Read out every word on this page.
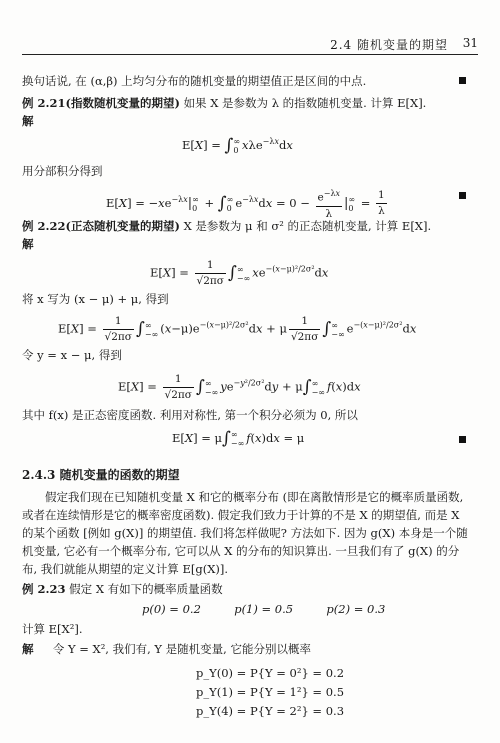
2.4 随机变量的期望 31
换句话说, 在 (α,β) 上均匀分布的随机变量的期望值正是区间的中点.
例 2.21(指数随机变量的期望) 如果 X 是参数为 λ 的指数随机变量. 计算 E[X].
解
E[X] = ∫∞
0 xλe$^{-\lambda x}$dx
用分部积分得到
$E[X] = -xe^{-\lambda x}|\infty$
0 + ∫∞
0 $e^{-\lambda x}dx = 0 - \frac{e^{-\lambda x}}{\lambda}$ |∞
$0 = \frac{1}{\lambda}$
例 2.22(正态随机变量的期望) X 是参数为 μ 和 σ² 的正态随机变量, 计算 E[X].
解
$E[X] = \frac{1}{√2\pi\sigma}$ ∫∞
−∞ $xe^{-(x-\mu)^2/2\sigma^2}dx$
将 x 写为 (x − μ) + μ, 得到
$E[X] = \frac{1}{√2\pi\sigma}$ ∫∞
−∞ $(x-\mu)e^{-(x-\mu)^2/2\sigma^2}dx + \mu \frac{1}{√2\pi\sigma}$ ∫∞
−∞ $e^{-(x-\mu)^2/2\sigma^2}dx$
令 y = x − μ, 得到
$E[X] = \frac{1}{√2\pi\sigma}$ ∫∞
−∞ $ye^{-y^2/2\sigma^2}dy + \mu\int\infty$
−∞ f(x)dx
其中 f(x) 是正态密度函数. 利用对称性, 第一个积分必须为 0, 所以
E[X] = μ∫∞
−∞ f(x)dx = μ
2.4.3 随机变量的函数的期望
假定我们现在已知随机变量 X 和它的概率分布 (即在离散情形是它的概率质量函数, 或者在连续情形是它的概率密度函数). 假定我们致力于计算的不是 X 的期望值, 而是 X 的某个函数 [例如 g(X)] 的期望值. 我们将怎样做呢? 方法如下. 因为 g(X) 本身是一个随机变量, 它必有一个概率分布, 它可以从 X 的分布的知识算出. 一旦我们有了 g(X) 的分布, 我们就能从期望的定义计算 E[g(X)].
例 2.23 假定 X 有如下的概率质量函数
p(0) = 0.2	p(1) = 0.5	p(2) = 0.3
计算 E[X²].
解 令 Y = X², 我们有, Y 是随机变量, 它能分别以概率
p_Y(0) = P{Y = 0²} = 0.2
p_Y(1) = P{Y = 1²} = 0.5
p_Y(4) = P{Y = 2²} = 0.3
